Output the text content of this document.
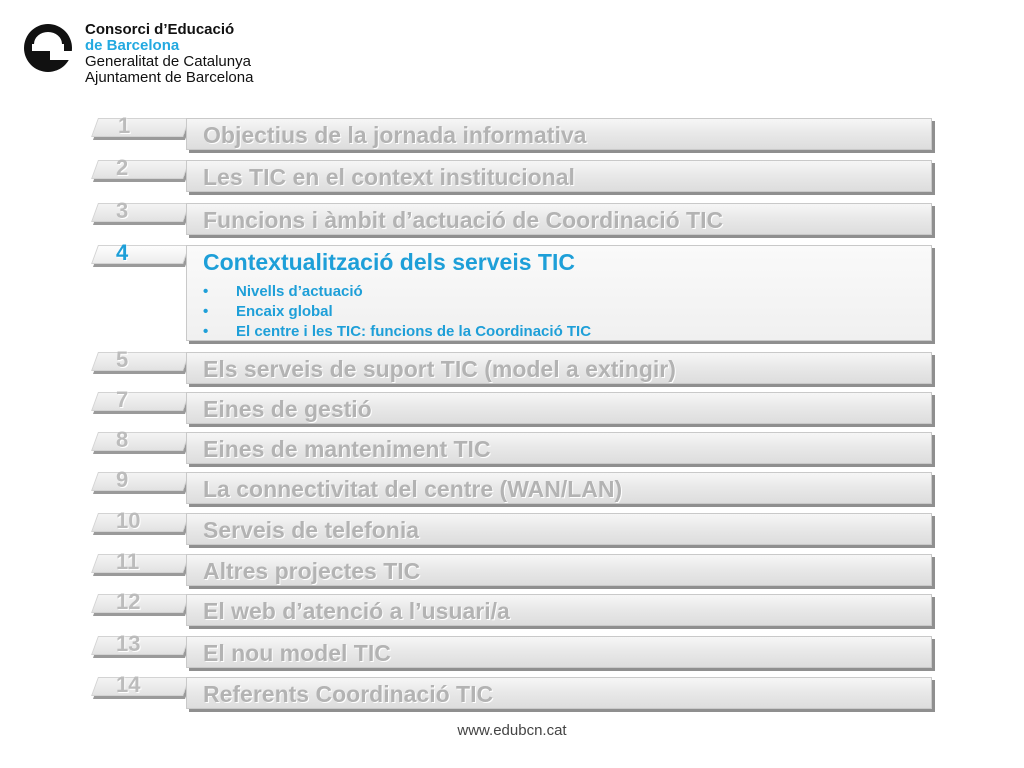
Consorci d’Educació
de Barcelona
Generalitat de Catalunya
Ajuntament de Barcelona
1	Objectius de la jornada informativa
2	Les TIC en el context institucional
3	Funcions i àmbit d’actuació de Coordinació TIC
4	Contextualització dels serveis TIC
• Nivells d’actuació
• Encaix global
• El centre i les TIC: funcions de la Coordinació TIC
5	Els serveis de suport TIC (model a extingir)
7	Eines de gestió
8	Eines de manteniment TIC
9	La connectivitat del centre (WAN/LAN)
10	Serveis de telefonia
11	Altres projectes TIC
12	El web d’atenció a l’usuari/a
13	El nou model TIC
14	Referents Coordinació TIC
www.edubcn.cat
